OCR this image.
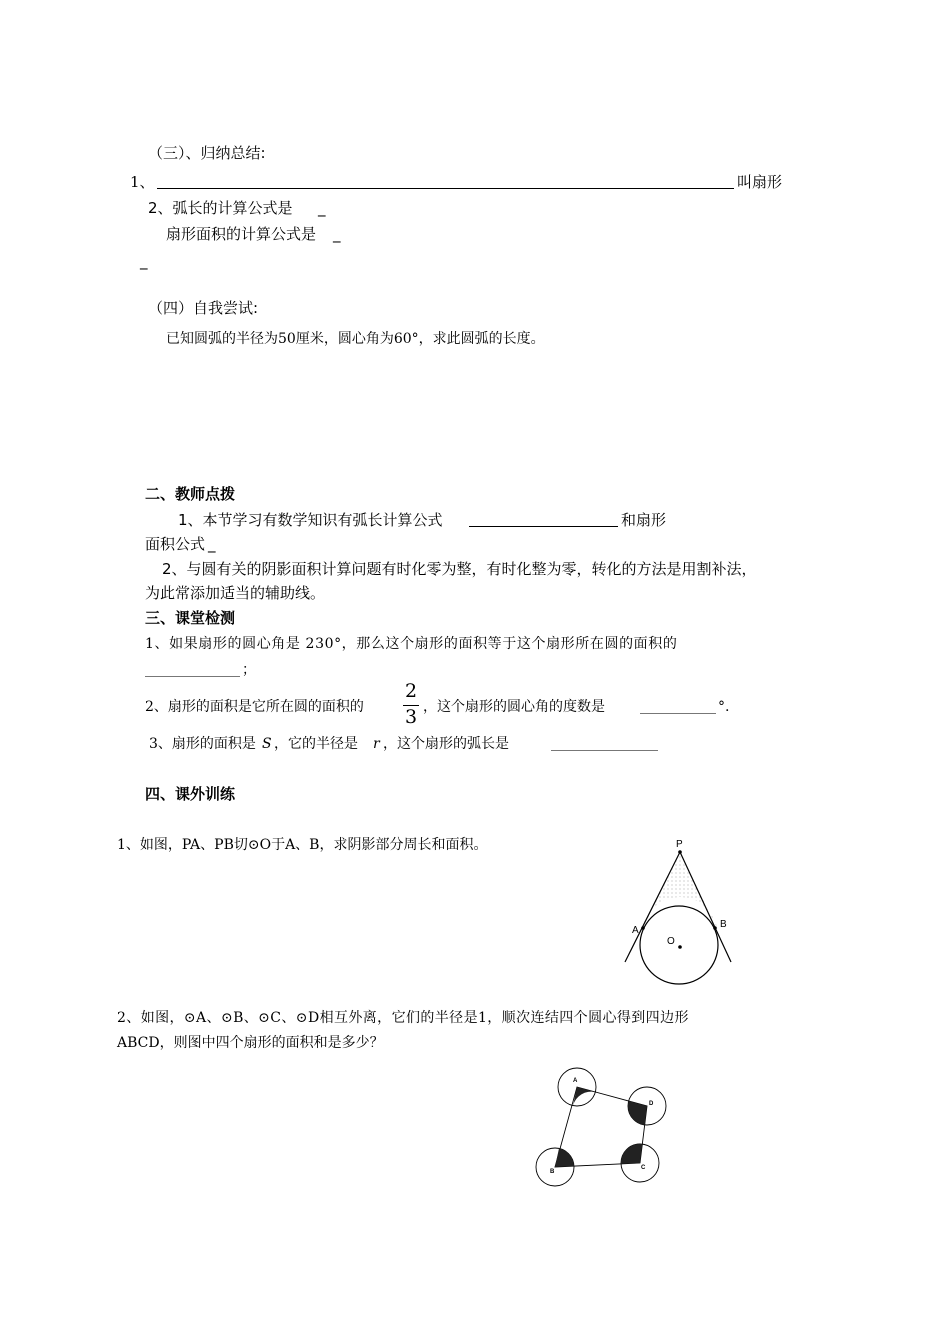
（三）、归纳总结:
1、	叫扇形
2、弧长的计算公式是 _
扇形面积的计算公式是 _
_
（四）自我尝试:
已知圆弧的半径为50厘米，圆心角为60°，求此圆弧的长度。
二、教师点拨
1、本节学习有数学知识有弧长计算公式	和扇形
面积公式 _
2、与圆有关的阴影面积计算问题有时化零为整，有时化整为零，转化的方法是用割补法，
为此常添加适当的辅助线。
三、课堂检测
1、如果扇形的圆心角是 230°，那么这个扇形的面积等于这个扇形所在圆的面积的
；
2、扇形的面积是它所在圆的面积的
2
3 ，这个扇形的圆心角的度数是	°.
3、扇形的面积是 S ，它的半径是 r ，这个扇形的弧长是
四、课外训练
1、如图，PA、PB切⊙O于A、B，求阴影部分周长和面积。	P
A
B
O
2、如图，⊙A、⊙B、⊙C、⊙D相互外离，它们的半径是1，顺次连结四个圆心得到四边形
ABCD，则图中四个扇形的面积和是多少？
A
D
C
B
